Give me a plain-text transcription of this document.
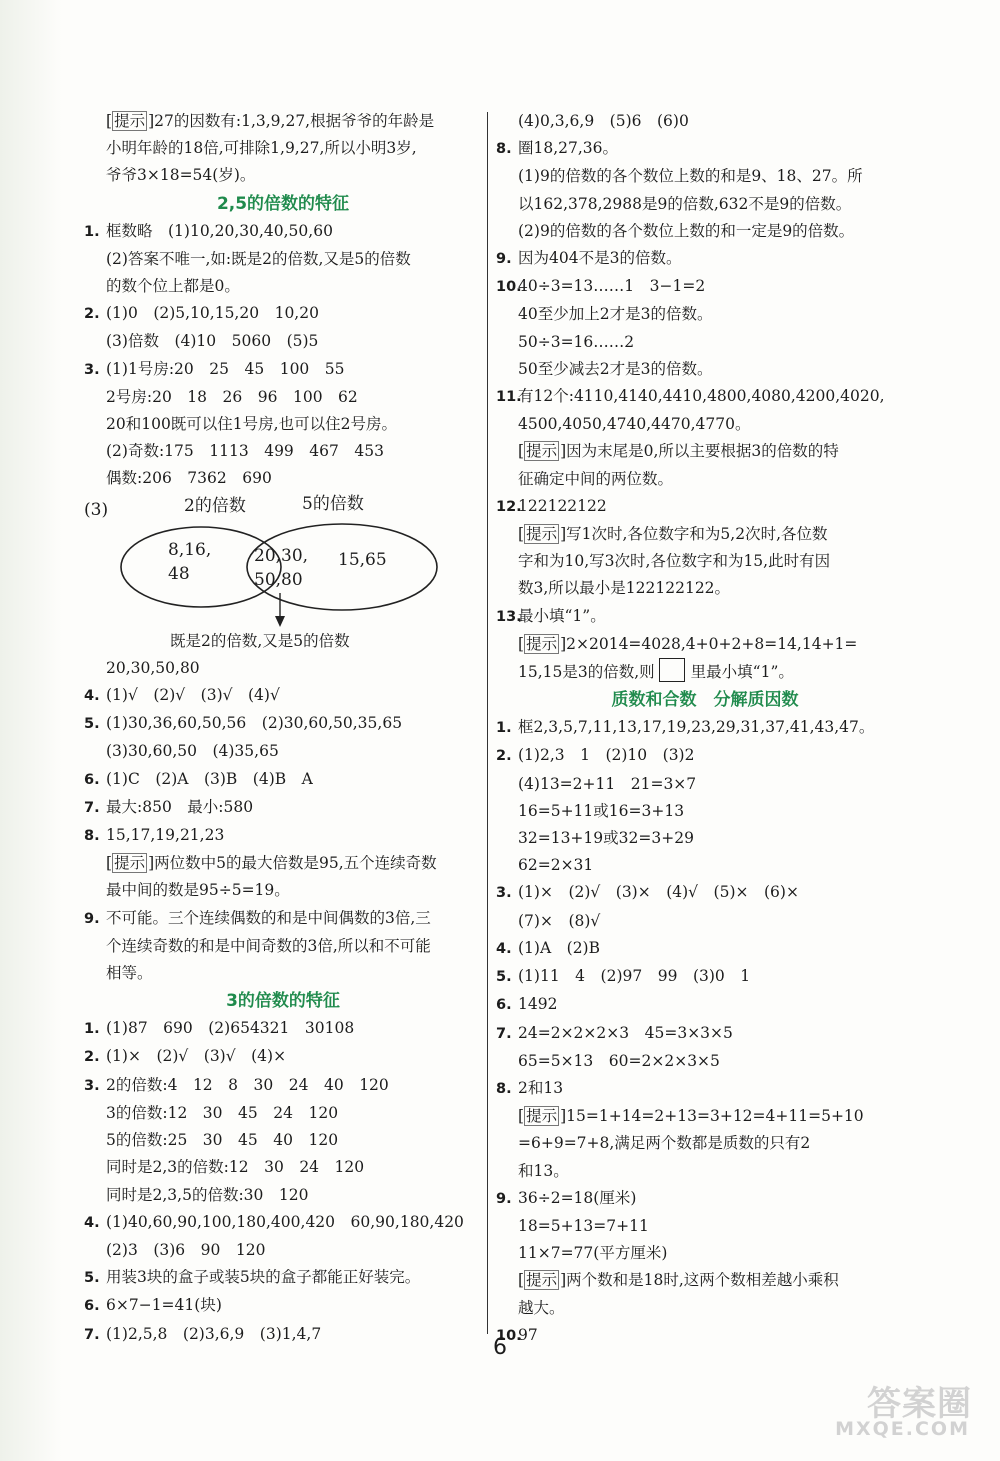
[ 提示 ]27的因数有:1,3,9,27,根据爷爷的年龄是
小明年龄的18倍,可排除1,9,27,所以小明3岁,
爷爷3×18=54(岁)。
2,5的倍数的特征
1. 框数略　(1)10,20,30,40,50,60
(2)答案不唯一,如:既是2的倍数,又是5的倍数
的数个位上都是0。
2. (1)0　(2)5,10,15,20　10,20
(3)倍数　(4)10　5060　(5)5
3. (1)1号房:20　25　45　100　55
2号房:20　18　26　96　100　62
20和100既可以住1号房,也可以住2号房。
(2)奇数:175　1113　499　467　453
偶数:206　7362　690
(3)	2的倍数	5的倍数
8,16,
48
20,30,
50,80
15,65
既是2的倍数,又是5的倍数
20,30,50,80
4. (1)√　(2)√　(3)√　(4)√
5. (1)30,36,60,50,56　(2)30,60,50,35,65
(3)30,60,50　(4)35,65
6. (1)C　(2)A　(3)B　(4)B　A
7. 最大:850　最小:580
8. 15,17,19,21,23
[ 提示 ]两位数中5的最大倍数是95,五个连续奇数
最中间的数是95÷5=19。
9. 不可能。三个连续偶数的和是中间偶数的3倍,三
个连续奇数的和是中间奇数的3倍,所以和不可能
相等。
3的倍数的特征
1. (1)87　690　(2)654321　30108
2. (1)×　(2)√　(3)√　(4)×
3. 2的倍数:4　12　8　30　24　40　120
3的倍数:12　30　45　24　120
5的倍数:25　30　45　40　120
同时是2,3的倍数:12　30　24　120
同时是2,3,5的倍数:30　120
4. (1)40,60,90,100,180,400,420　60,90,180,420
(2)3　(3)6　90　120
5. 用装3块的盒子或装5块的盒子都能正好装完。
6. 6×7−1=41(块)
7. (1)2,5,8　(2)3,6,9　(3)1,4,7
(4)0,3,6,9　(5)6　(6)0
8. 圈18,27,36。
(1)9的倍数的各个数位上数的和是9、18、27。所
以162,378,2988是9的倍数,632不是9的倍数。
(2)9的倍数的各个数位上数的和一定是9的倍数。
9. 因为404不是3的倍数。
10.40÷3=13……1　3−1=2
40至少加上2才是3的倍数。
50÷3=16……2
50至少减去2才是3的倍数。
11.有12个:4110,4140,4410,4800,4080,4200,4020,
4500,4050,4740,4470,4770。
[ 提示 ]因为末尾是0,所以主要根据3的倍数的特
征确定中间的两位数。
12.122122122
[ 提示 ]写1次时,各位数字和为5,2次时,各位数
字和为10,写3次时,各位数字和为15,此时有因
数3,所以最小是122122122。
13.最小填“1”。
[ 提示 ]2×2014=4028,4+0+2+8=14,14+1=
15,15是3的倍数,则 里最小填“1”。
质数和合数　分解质因数
1. 框2,3,5,7,11,13,17,19,23,29,31,37,41,43,47。
2. (1)2,3　1　(2)10　(3)2
(4)13=2+11　21=3×7
16=5+11或16=3+13
32=13+19或32=3+29
62=2×31
3. (1)×　(2)√　(3)×　(4)√　(5)×　(6)×
(7)×　(8)√
4. (1)A　(2)B
5. (1)11　4　(2)97　99　(3)0　1
6. 1492
7. 24=2×2×2×3　45=3×3×5
65=5×13　60=2×2×3×5
8. 2和13
[ 提示 ]15=1+14=2+13=3+12=4+11=5+10
=6+9=7+8,满足两个数都是质数的只有2
和13。
9. 36÷2=18(厘米)
18=5+13=7+11
11×7=77(平方厘米)
[ 提示 ]两个数和是18时,这两个数相差越小乘积
越大。
10.97
6
答案圈
MXQE.COM
